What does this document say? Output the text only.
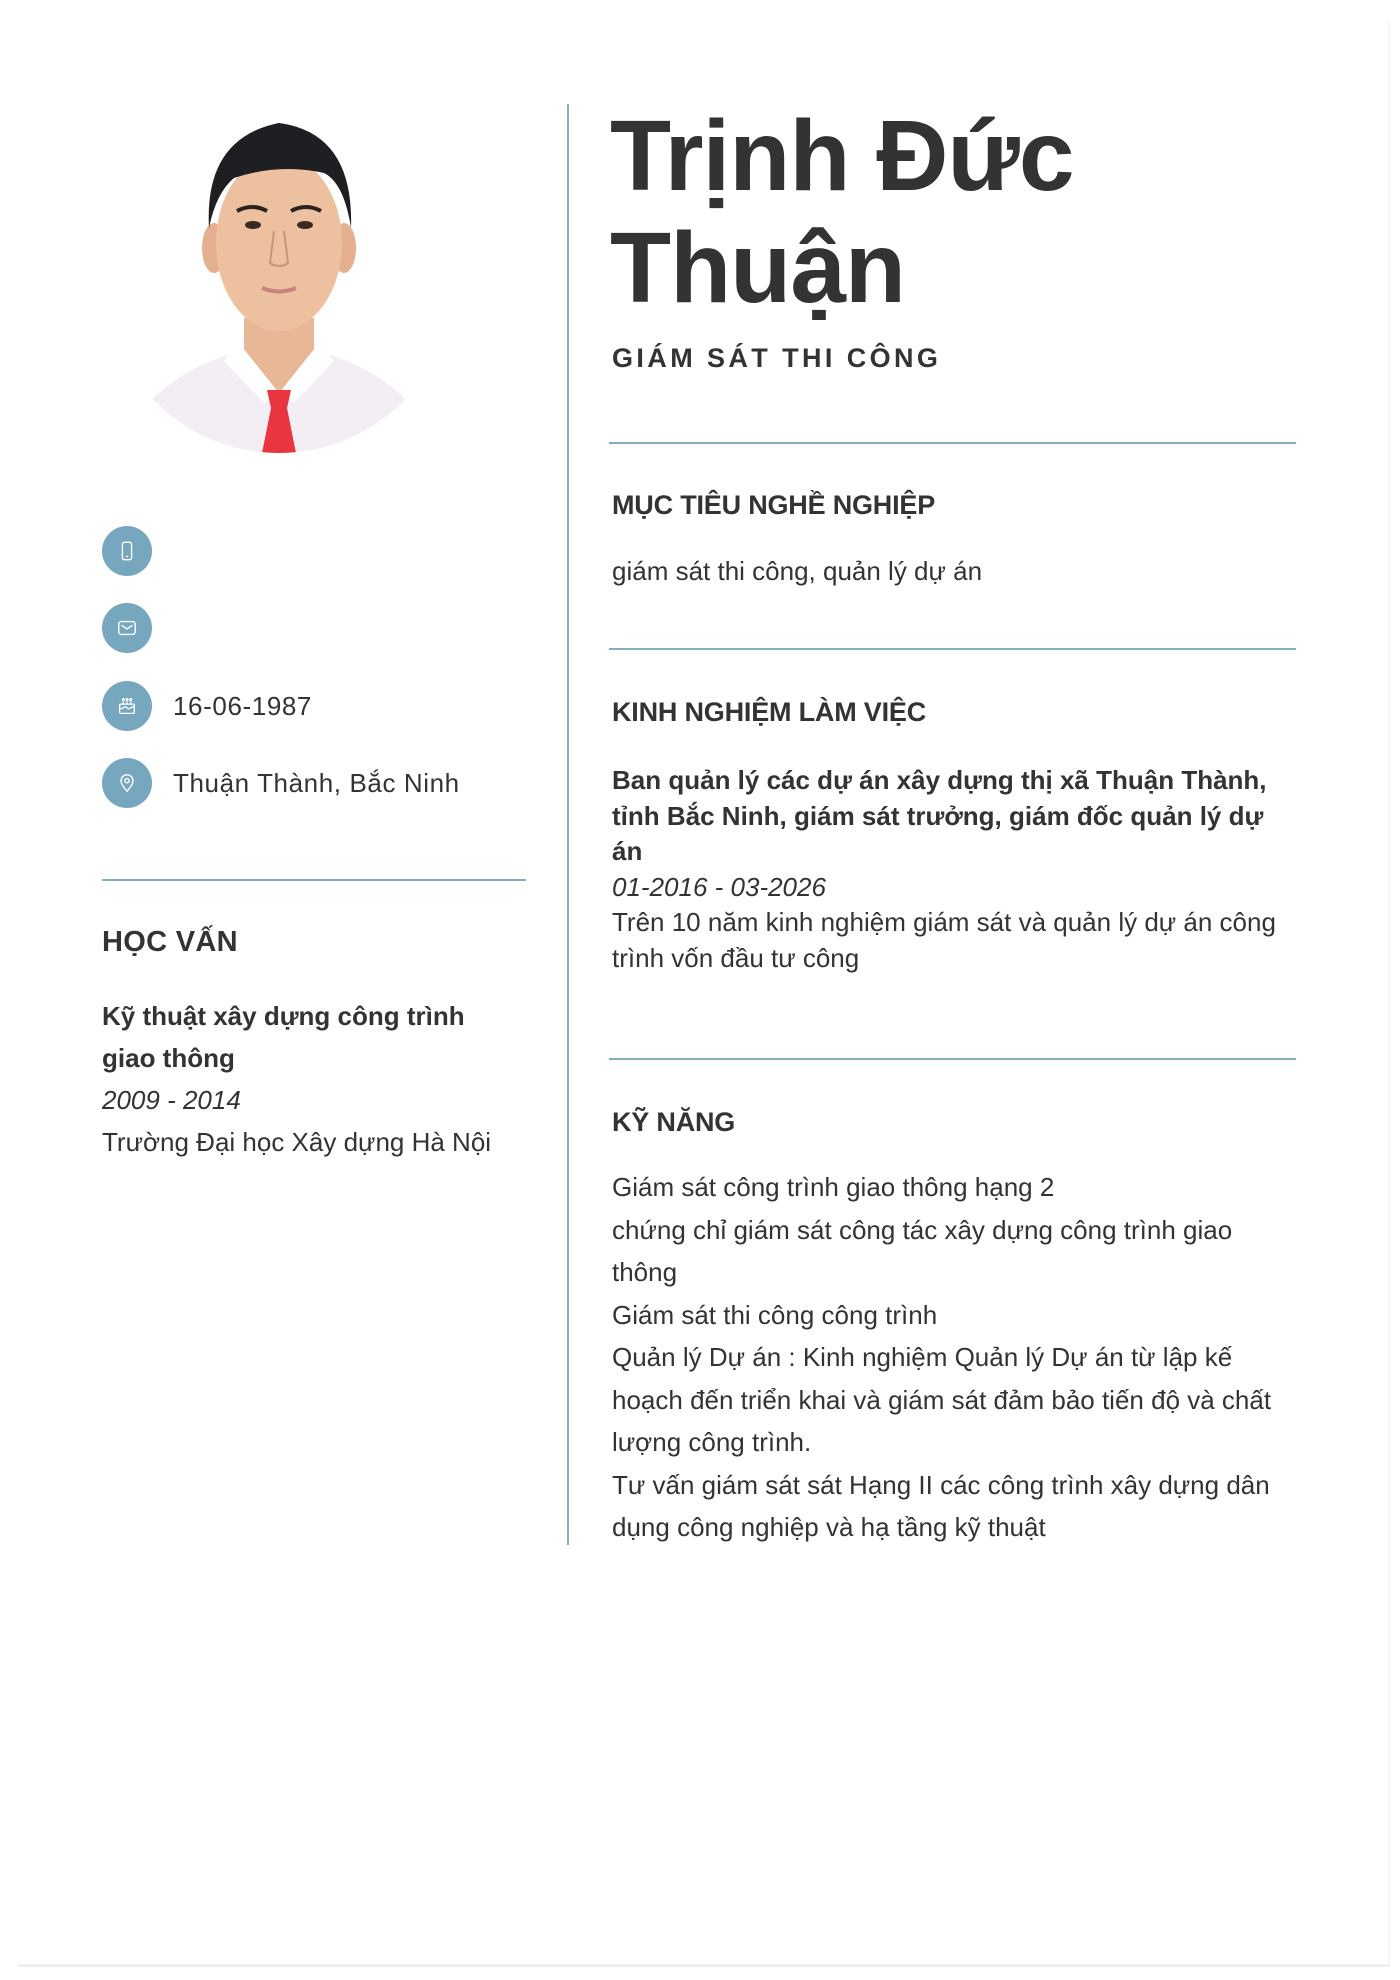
16-06-1987
Thuận Thành, Bắc Ninh
HỌC VẤN
Kỹ thuật xây dựng công trình giao thông
2009 - 2014
Trường Đại học Xây dựng Hà Nội
Trịnh Đức Thuận
GIÁM SÁT THI CÔNG
MỤC TIÊU NGHỀ NGHIỆP
giám sát thi công, quản lý dự án
KINH NGHIỆM LÀM VIỆC
Ban quản lý các dự án xây dựng thị xã Thuận Thành, tỉnh Bắc Ninh, giám sát trưởng, giám đốc quản lý dự án
01-2016 - 03-2026
Trên 10 năm kinh nghiệm giám sát và quản lý dự án công trình vốn đầu tư công
KỸ NĂNG
Giám sát công trình giao thông hạng 2
chứng chỉ giám sát công tác xây dựng công trình giao thông
Giám sát thi công công trình
Quản lý Dự án : Kinh nghiệm Quản lý Dự án từ lập kế hoạch đến triển khai và giám sát đảm bảo tiến độ và chất lượng công trình.
Tư vấn giám sát sát Hạng II các công trình xây dựng dân dụng công nghiệp và hạ tầng kỹ thuật
